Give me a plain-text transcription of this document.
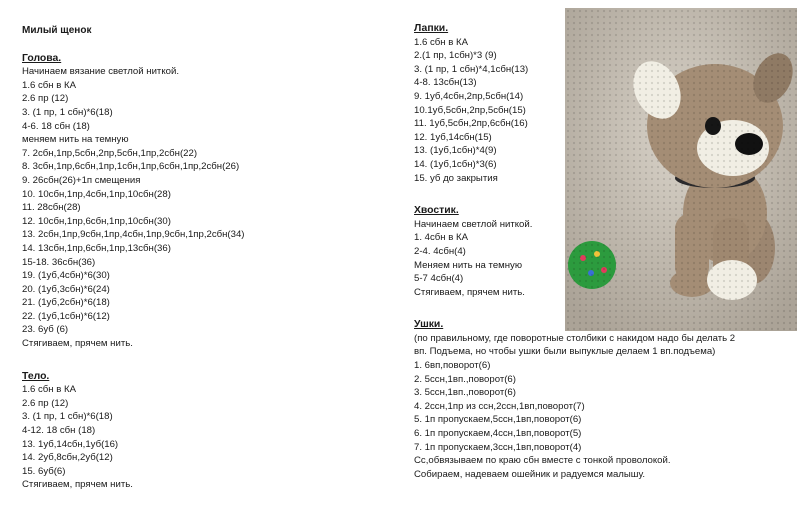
Милый щенок
Голова.
Начинаем вязание светлой ниткой.
1.6 сбн в КА
2.6 пр (12)
3. (1 пр, 1 сбн)*6(18)
4-6. 18 сбн (18)
меняем нить на темную
7. 2сбн,1пр,5сбн,2пр,5сбн,1пр,2сбн(22)
8. 3сбн,1пр,6сбн,1пр,1сбн,1пр,6сбн,1пр,2сбн(26)
9. 26сбн(26)+1п смещения
10. 10сбн,1пр,4сбн,1пр,10сбн(28)
11. 28сбн(28)
12. 10сбн,1пр,6сбн,1пр,10сбн(30)
13. 2сбн,1пр,9сбн,1пр,4сбн,1пр,9сбн,1пр,2сбн(34)
14. 13сбн,1пр,6сбн,1пр,13сбн(36)
15-18. 36сбн(36)
19. (1уб,4сбн)*6(30)
20. (1уб,3сбн)*6(24)
21. (1уб,2сбн)*6(18)
22. (1уб,1сбн)*6(12)
23. 6уб (6)
Стягиваем, прячем нить.
Тело.
1.6 сбн в КА
2.6 пр (12)
3. (1 пр, 1 сбн)*6(18)
4-12. 18 сбн (18)
13. 1уб,14сбн,1уб(16)
14. 2уб,8сбн,2уб(12)
15. 6уб(6)
Стягиваем, прячем нить.
Лапки.
1.6 сбн в КА
2.(1 пр, 1сбн)*3 (9)
3. (1 пр, 1 сбн)*4,1сбн(13)
4-8. 13сбн(13)
9. 1уб,4сбн,2пр,5сбн(14)
10.1уб,5сбн,2пр,5сбн(15)
11. 1уб,5сбн,2пр,6сбн(16)
12. 1уб,14сбн(15)
13. (1уб,1сбн)*4(9)
14. (1уб,1сбн)*3(6)
15. уб до закрытия
Хвостик.
Начинаем светлой ниткой.
1. 4сбн в КА
2-4. 4сбн(4)
Меняем нить на темную
5-7 4сбн(4)
Стягиваем, прячем нить.
Ушки.
(по правильному, где поворотные столбики с накидом надо бы делать 2
вп. Подъема, но чтобы ушки были выпуклые делаем 1 вп.подъема)
1. 6вп,поворот(6)
2. 5ссн,1вп.,поворот(6)
3. 5ссн,1вп.,поворот(6)
4. 2ссн,1пр из ссн,2ссн,1вп,поворот(7)
5. 1п пропускаем,5ссн,1вп,поворот(6)
6. 1п пропускаем,4ссн,1вп,поворот(5)
7. 1п пропускаем,3ссн,1вп,поворот(4)
Сс,обвязываем по краю сбн вместе с тонкой проволокой.
Собираем, надеваем ошейник и радуемся малышу.
